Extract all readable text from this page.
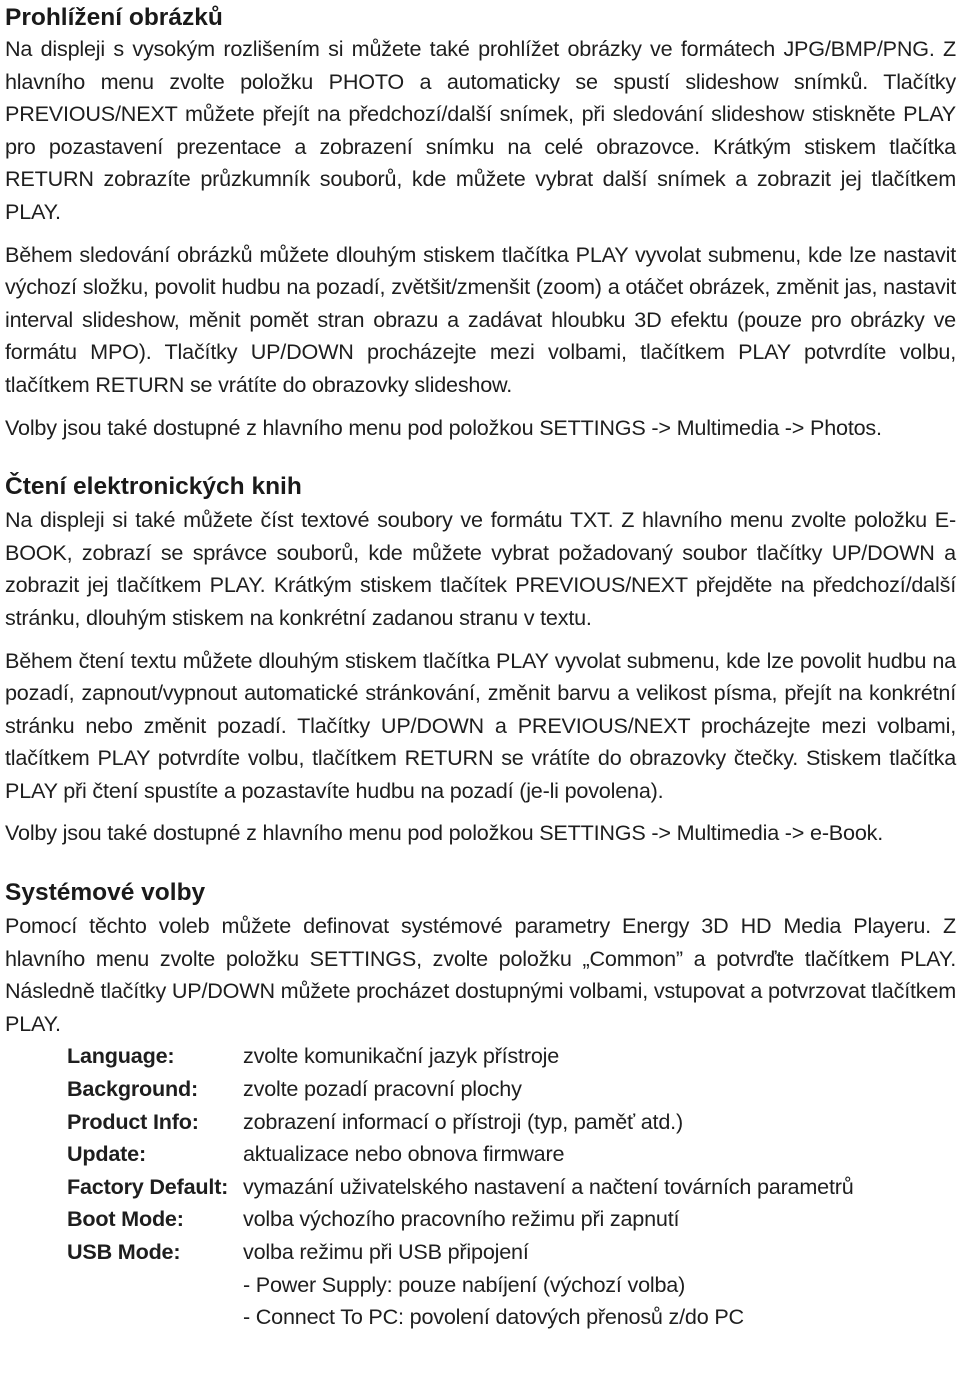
Prohlížení obrázků

Na displeji s vysokým rozlišením si můžete také prohlížet obrázky ve formátech JPG/BMP/PNG. Z hlavního menu zvolte položku PHOTO a automaticky se spustí slideshow snímků. Tlačítky PREVIOUS/NEXT můžete přejít na předchozí/další snímek, při sledování slideshow stiskněte PLAY pro pozastavení prezentace a zobrazení snímku na celé obrazovce. Krátkým stiskem tlačítka RETURN zobrazíte průzkumník souborů, kde můžete vybrat další snímek a zobrazit jej tlačítkem PLAY.

Během sledování obrázků můžete dlouhým stiskem tlačítka PLAY vyvolat submenu, kde lze nastavit výchozí složku, povolit hudbu na pozadí, zvětšit/zmenšit (zoom) a otáčet obrázek, změnit jas, nastavit interval slideshow, měnit pomět stran obrazu a zadávat hloubku 3D efektu (pouze pro obrázky ve formátu MPO). Tlačítky UP/DOWN procházejte mezi volbami, tlačítkem PLAY potvrdíte volbu, tlačítkem RETURN se vrátíte do obrazovky slideshow.

Volby jsou také dostupné z hlavního menu pod položkou SETTINGS -> Multimedia -> Photos.

Čtení elektronických knih

Na displeji si také můžete číst textové soubory ve formátu TXT. Z hlavního menu zvolte položku E-BOOK, zobrazí se správce souborů, kde můžete vybrat požadovaný soubor tlačítky UP/DOWN a zobrazit jej tlačítkem PLAY. Krátkým stiskem tlačítek PREVIOUS/NEXT přejděte na předchozí/další stránku, dlouhým stiskem na konkrétní zadanou stranu v textu.

Během čtení textu můžete dlouhým stiskem tlačítka PLAY vyvolat submenu, kde lze povolit hudbu na pozadí, zapnout/vypnout automatické stránkování, změnit barvu a velikost písma, přejít na konkrétní stránku nebo změnit pozadí. Tlačítky UP/DOWN a PREVIOUS/NEXT procházejte mezi volbami, tlačítkem PLAY potvrdíte volbu, tlačítkem RETURN se vrátíte do obrazovky čtečky. Stiskem tlačítka PLAY při čtení spustíte a pozastavíte hudbu na pozadí (je-li povolena).

Volby jsou také dostupné z hlavního menu pod položkou SETTINGS -> Multimedia -> e-Book.

Systémové volby

Pomocí těchto voleb můžete definovat systémové parametry Energy 3D HD Media Playeru. Z hlavního menu zvolte položku SETTINGS, zvolte položku „Common” a potvrďte tlačítkem PLAY. Následně tlačítky UP/DOWN můžete procházet dostupnými volbami, vstupovat a potvrzovat tlačítkem PLAY.

Language:	zvolte komunikační jazyk přístroje
Background:	zvolte pozadí pracovní plochy
Product Info:	zobrazení informací o přístroji (typ, paměť atd.)
Update:	aktualizace nebo obnova firmware
Factory Default: vymazání uživatelského nastavení a načtení továrních parametrů
Boot Mode:	volba výchozího pracovního režimu při zapnutí
USB Mode:	volba režimu při USB připojení
- Power Supply: pouze nabíjení (výchozí volba)
- Connect To PC: povolení datových přenosů z/do PC
